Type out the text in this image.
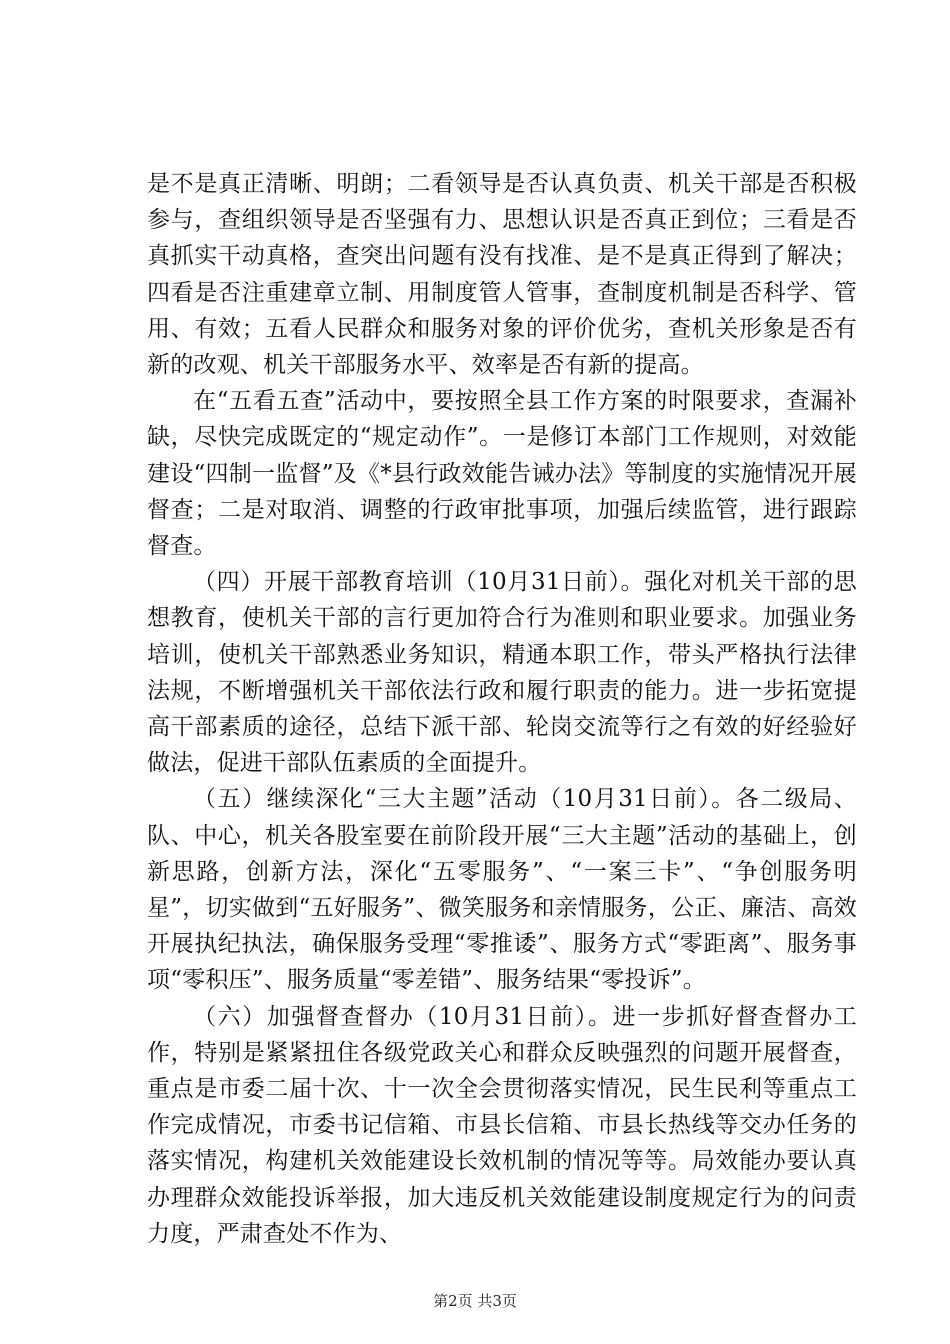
是不是真正清晰、明朗；二看领导是否认真负责、机关干部是否积极参与，查组织领导是否坚强有力、思想认识是否真正到位；三看是否真抓实干动真格，查突出问题有没有找准、是不是真正得到了解决；四看是否注重建章立制、用制度管人管事，查制度机制是否科学、管用、有效；五看人民群众和服务对象的评价优劣，查机关形象是否有新的改观、机关干部服务水平、效率是否有新的提高。

在“五看五查”活动中，要按照全县工作方案的时限要求，查漏补缺，尽快完成既定的“规定动作”。一是修订本部门工作规则，对效能建设“四制一监督”及《*县行政效能告诫办法》等制度的实施情况开展督查；二是对取消、调整的行政审批事项，加强后续监管，进行跟踪督查。

（四）开展干部教育培训（10月31日前）。强化对机关干部的思想教育，使机关干部的言行更加符合行为准则和职业要求。加强业务培训，使机关干部熟悉业务知识，精通本职工作，带头严格执行法律法规，不断增强机关干部依法行政和履行职责的能力。进一步拓宽提高干部素质的途径，总结下派干部、轮岗交流等行之有效的好经验好做法，促进干部队伍素质的全面提升。

（五）继续深化“三大主题”活动（10月31日前）。各二级局、队、中心，机关各股室要在前阶段开展“三大主题”活动的基础上，创新思路，创新方法，深化“五零服务”、“一案三卡”、“争创服务明星”，切实做到“五好服务”、微笑服务和亲情服务，公正、廉洁、高效开展执纪执法，确保服务受理“零推诿”、服务方式“零距离”、服务事项“零积压”、服务质量“零差错”、服务结果“零投诉”。

（六）加强督查督办（10月31日前）。进一步抓好督查督办工作，特别是紧紧扭住各级党政关心和群众反映强烈的问题开展督查，重点是市委二届十次、十一次全会贯彻落实情况，民生民利等重点工作完成情况，市委书记信箱、市县长信箱、市县长热线等交办任务的落实情况，构建机关效能建设长效机制的情况等等。局效能办要认真办理群众效能投诉举报，加大违反机关效能建设制度规定行为的问责力度，严肃查处不作为、

第2页 共3页
